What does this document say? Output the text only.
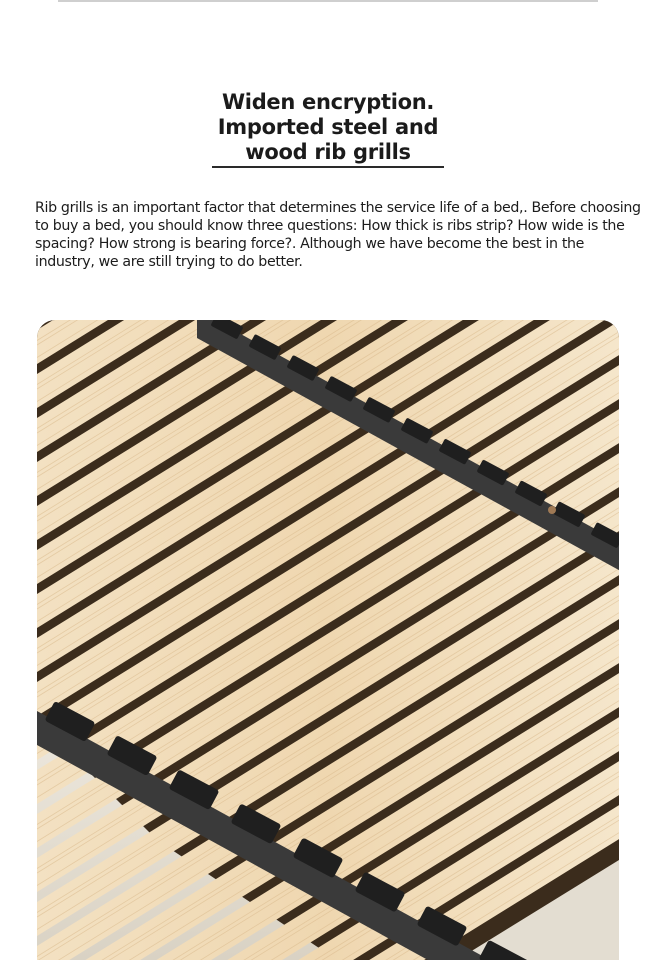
Widen encryption.
Imported steel and
wood rib grills
Rib grills is an important factor that determines the service life of a bed,. Before choosing to buy a bed, you should know three questions: How thick is ribs strip? How wide is the spacing? How strong is bearing force?. Although we have become the best in the industry, we are still trying to do better.
